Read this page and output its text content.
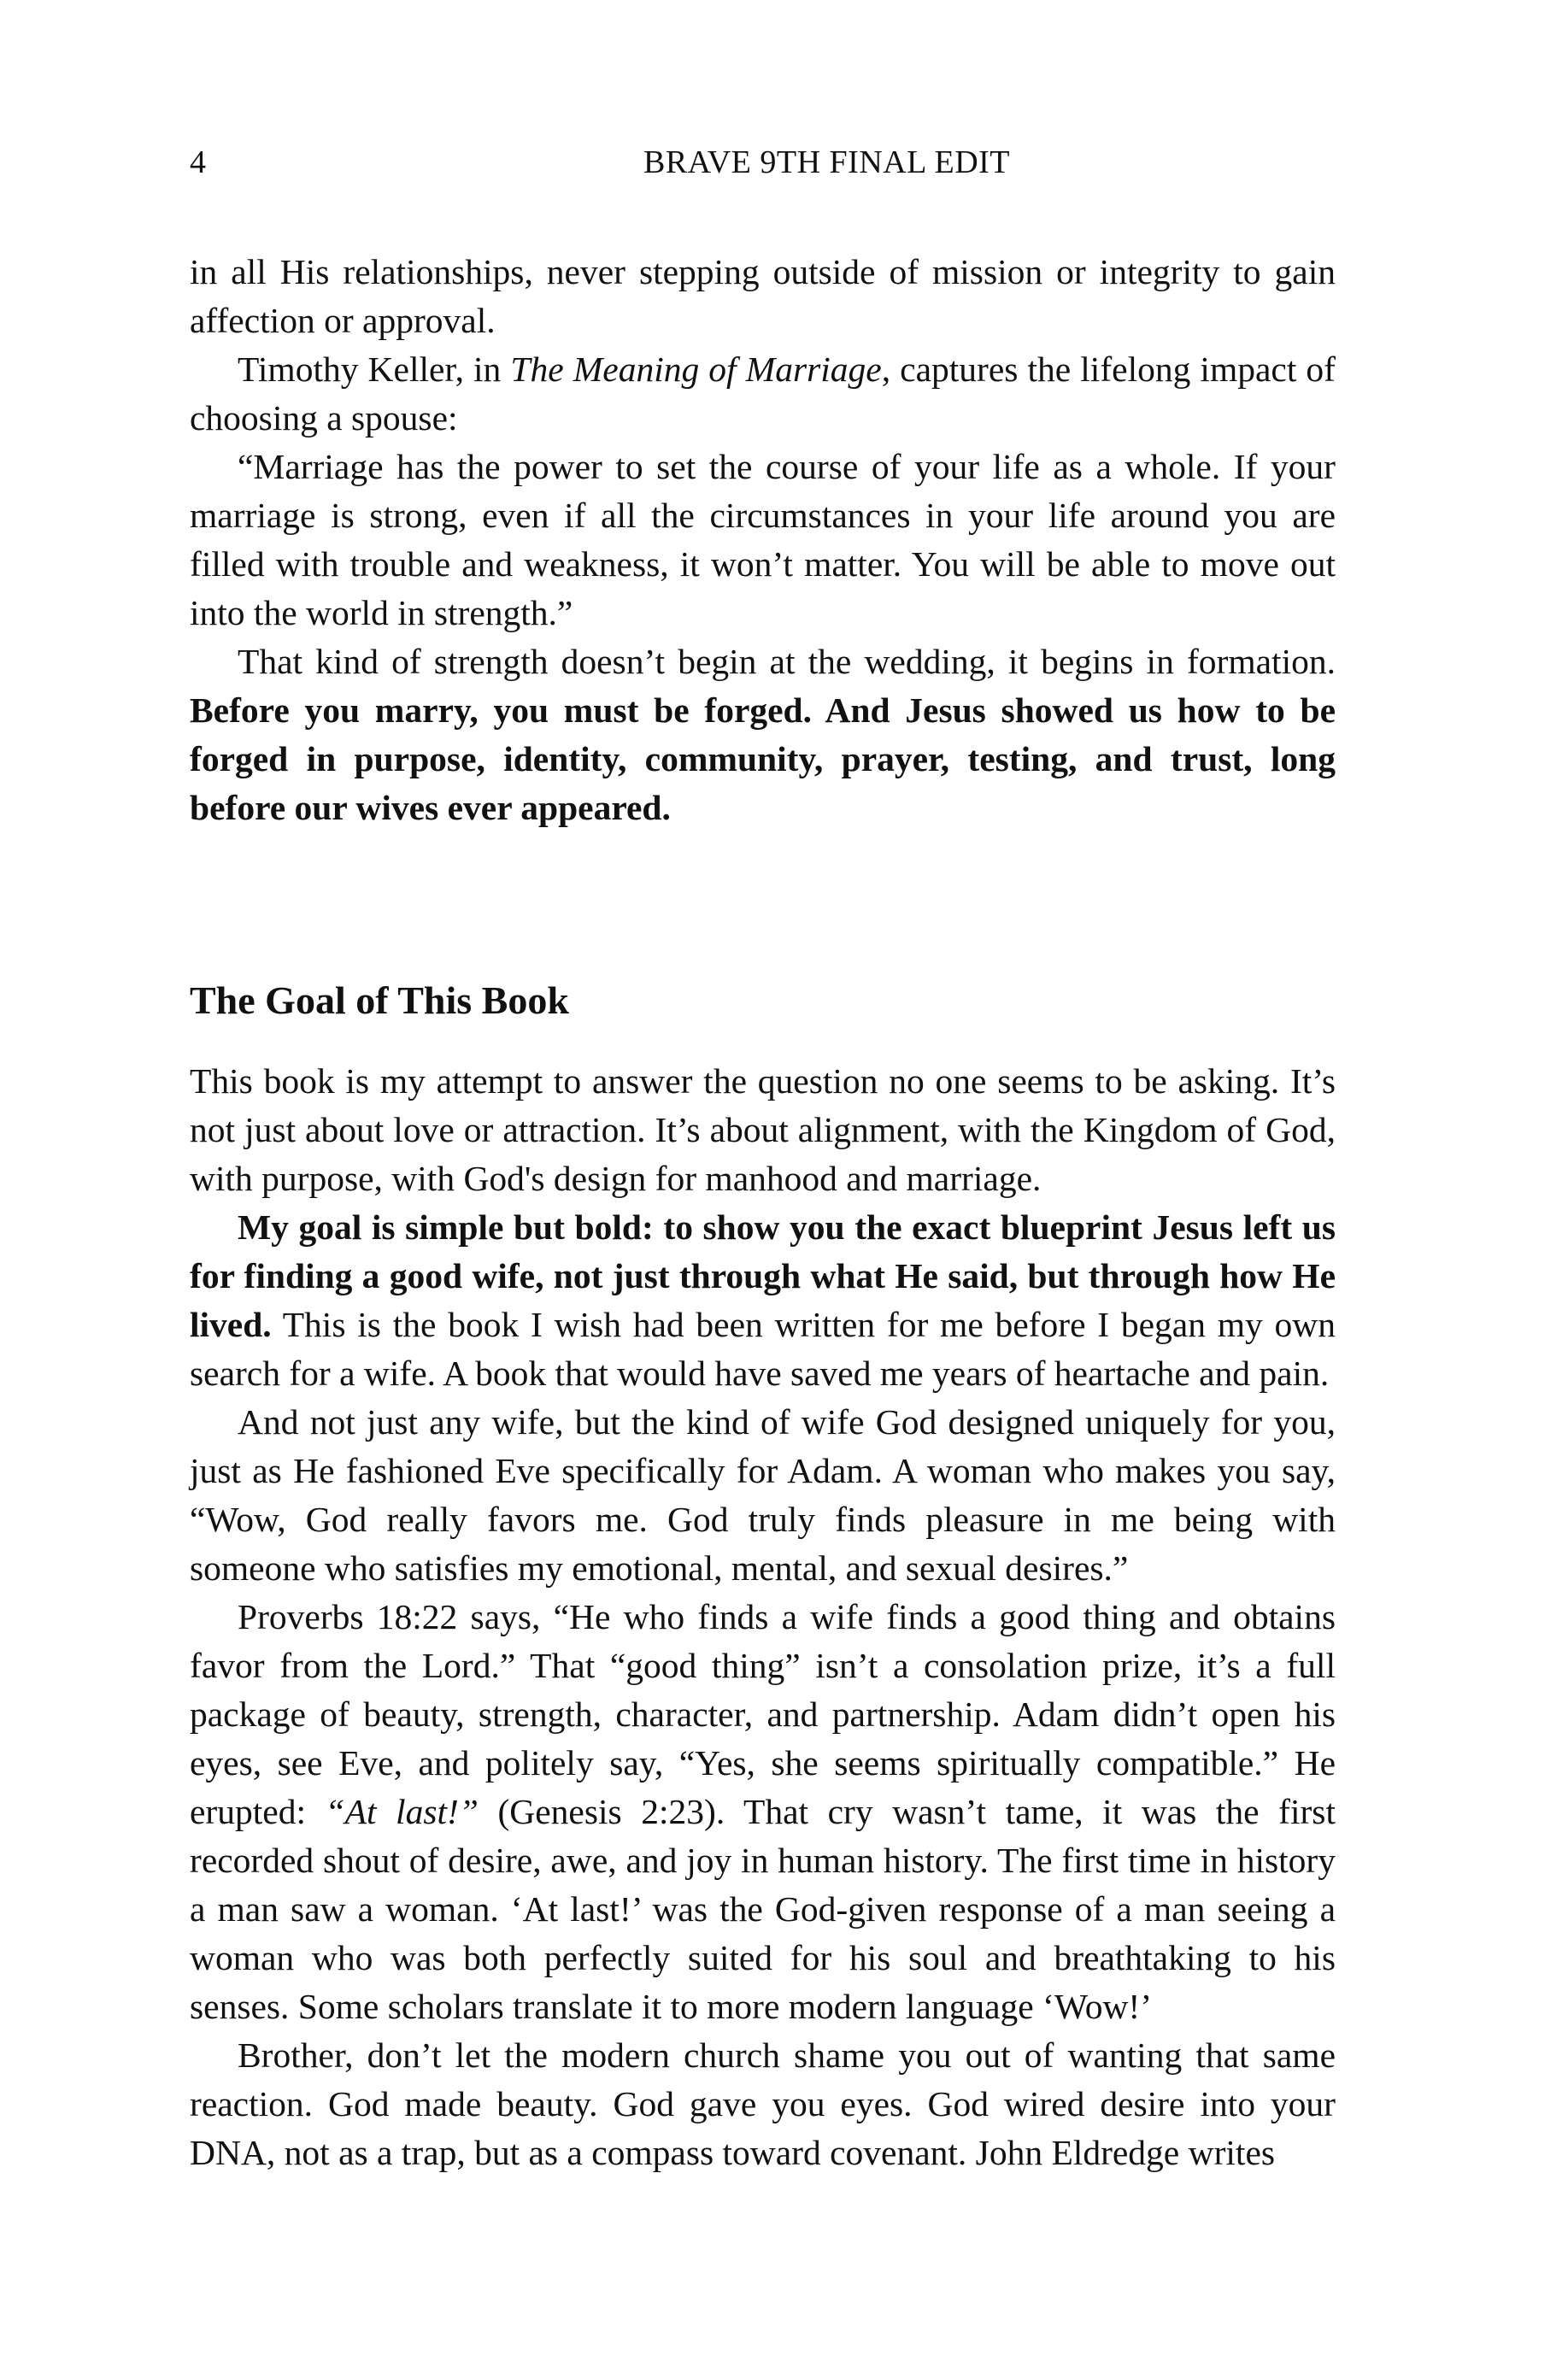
4	BRAVE 9TH FINAL EDIT

in all His relationships, never stepping outside of mission or integrity to gain affection or approval.

Timothy Keller, in The Meaning of Marriage, captures the lifelong impact of choosing a spouse:

“Marriage has the power to set the course of your life as a whole. If your marriage is strong, even if all the circumstances in your life around you are filled with trouble and weakness, it won’t matter. You will be able to move out into the world in strength.”

That kind of strength doesn’t begin at the wedding, it begins in formation. Before you marry, you must be forged. And Jesus showed us how to be forged in purpose, identity, community, prayer, testing, and trust, long before our wives ever appeared.

The Goal of This Book

This book is my attempt to answer the question no one seems to be asking. It’s not just about love or attraction. It’s about alignment, with the Kingdom of God, with purpose, with God's design for manhood and marriage.

My goal is simple but bold: to show you the exact blueprint Jesus left us for finding a good wife, not just through what He said, but through how He lived. This is the book I wish had been written for me before I began my own search for a wife. A book that would have saved me years of heartache and pain.

And not just any wife, but the kind of wife God designed uniquely for you, just as He fashioned Eve specifically for Adam. A woman who makes you say, “Wow, God really favors me. God truly finds pleasure in me being with someone who satisfies my emotional, mental, and sexual desires.”

Proverbs 18:22 says, “He who finds a wife finds a good thing and obtains favor from the Lord.” That “good thing” isn’t a consolation prize, it’s a full package of beauty, strength, character, and partnership. Adam didn’t open his eyes, see Eve, and politely say, “Yes, she seems spiritually compatible.” He erupted: “At last!” (Genesis 2:23). That cry wasn’t tame, it was the first recorded shout of desire, awe, and joy in human history. The first time in history a man saw a woman. ‘At last!’ was the God-given response of a man seeing a woman who was both perfectly suited for his soul and breathtaking to his senses. Some scholars translate it to more modern language ‘Wow!’

Brother, don’t let the modern church shame you out of wanting that same reaction. God made beauty. God gave you eyes. God wired desire into your DNA, not as a trap, but as a compass toward covenant. John Eldredge writes
